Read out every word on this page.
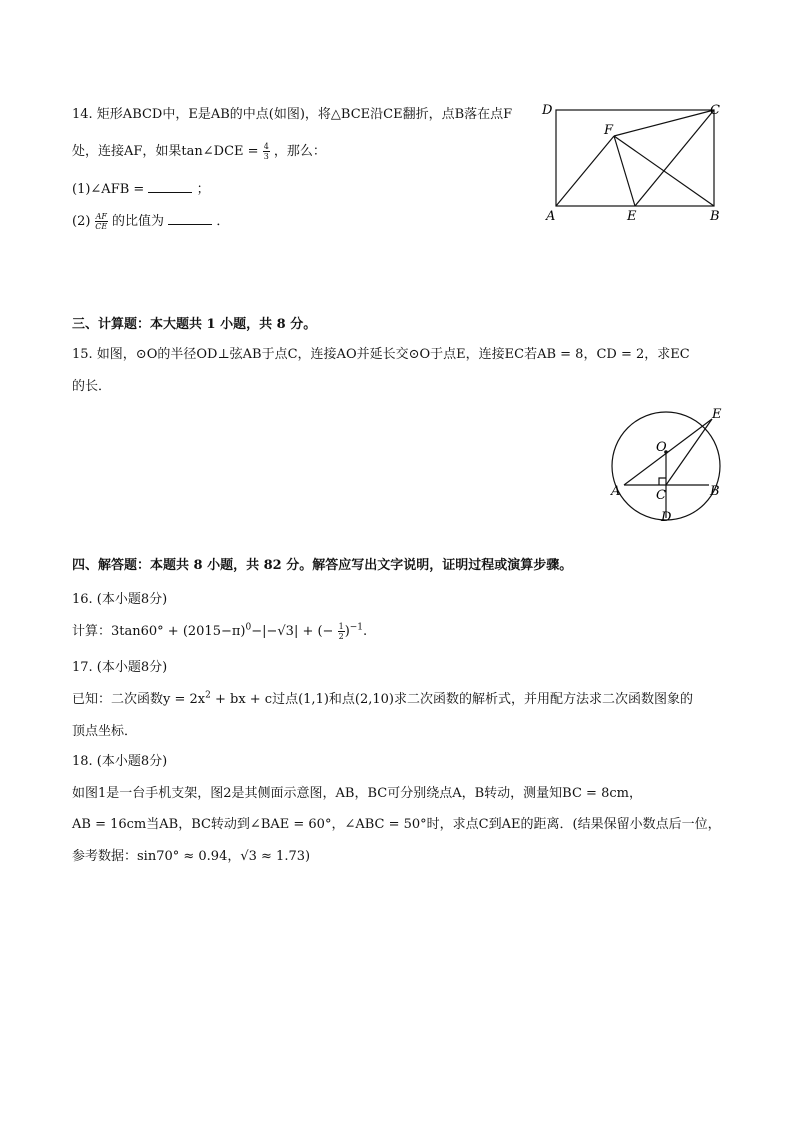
14. 矩形ABCD中，E是AB的中点(如图)，将△BCE沿CE翻折，点B落在点F
处，连接AF，如果tan∠DCE = $\frac{4}{3}$ ，那么：
(1)∠AFB =	；
$(2) \frac{AF}{CE}$ 的比值为	．
D	C
F
A	E	B
三、计算题：本大题共 1 小题，共 8 分。
15. 如图，⊙O的半径OD⊥弦AB于点C，连接AO并延长交⊙O于点E，连接EC若AB = 8，CD = 2，求EC
的长．
E
O
A	C	B
D
四、解答题：本题共 8 小题，共 82 分。解答应写出文字说明，证明过程或演算步骤。
16. (本小题8分)
计算：$3\tan 60^\circ + (2015-\pi)^0-|-√3|$ + (− $\frac{1}{2} )^{-1}$.
17. (本小题8分)
已知：二次函数$y = 2x^2$ + bx + c过点(1,1)和点(2,10)求二次函数的解析式，并用配方法求二次函数图象的
顶点坐标．
18. (本小题8分)
如图1是一台手机支架，图2是其侧面示意图，AB，BC可分别绕点A，B转动，测量知BC = 8cm，
AB = 16cm当AB，BC转动到∠BAE = 60°，∠ABC = 50°时，求点C到AE的距离．(结果保留小数点后一位，
参考数据：sin70° ≈ 0.94，√3 ≈ 1.73)
